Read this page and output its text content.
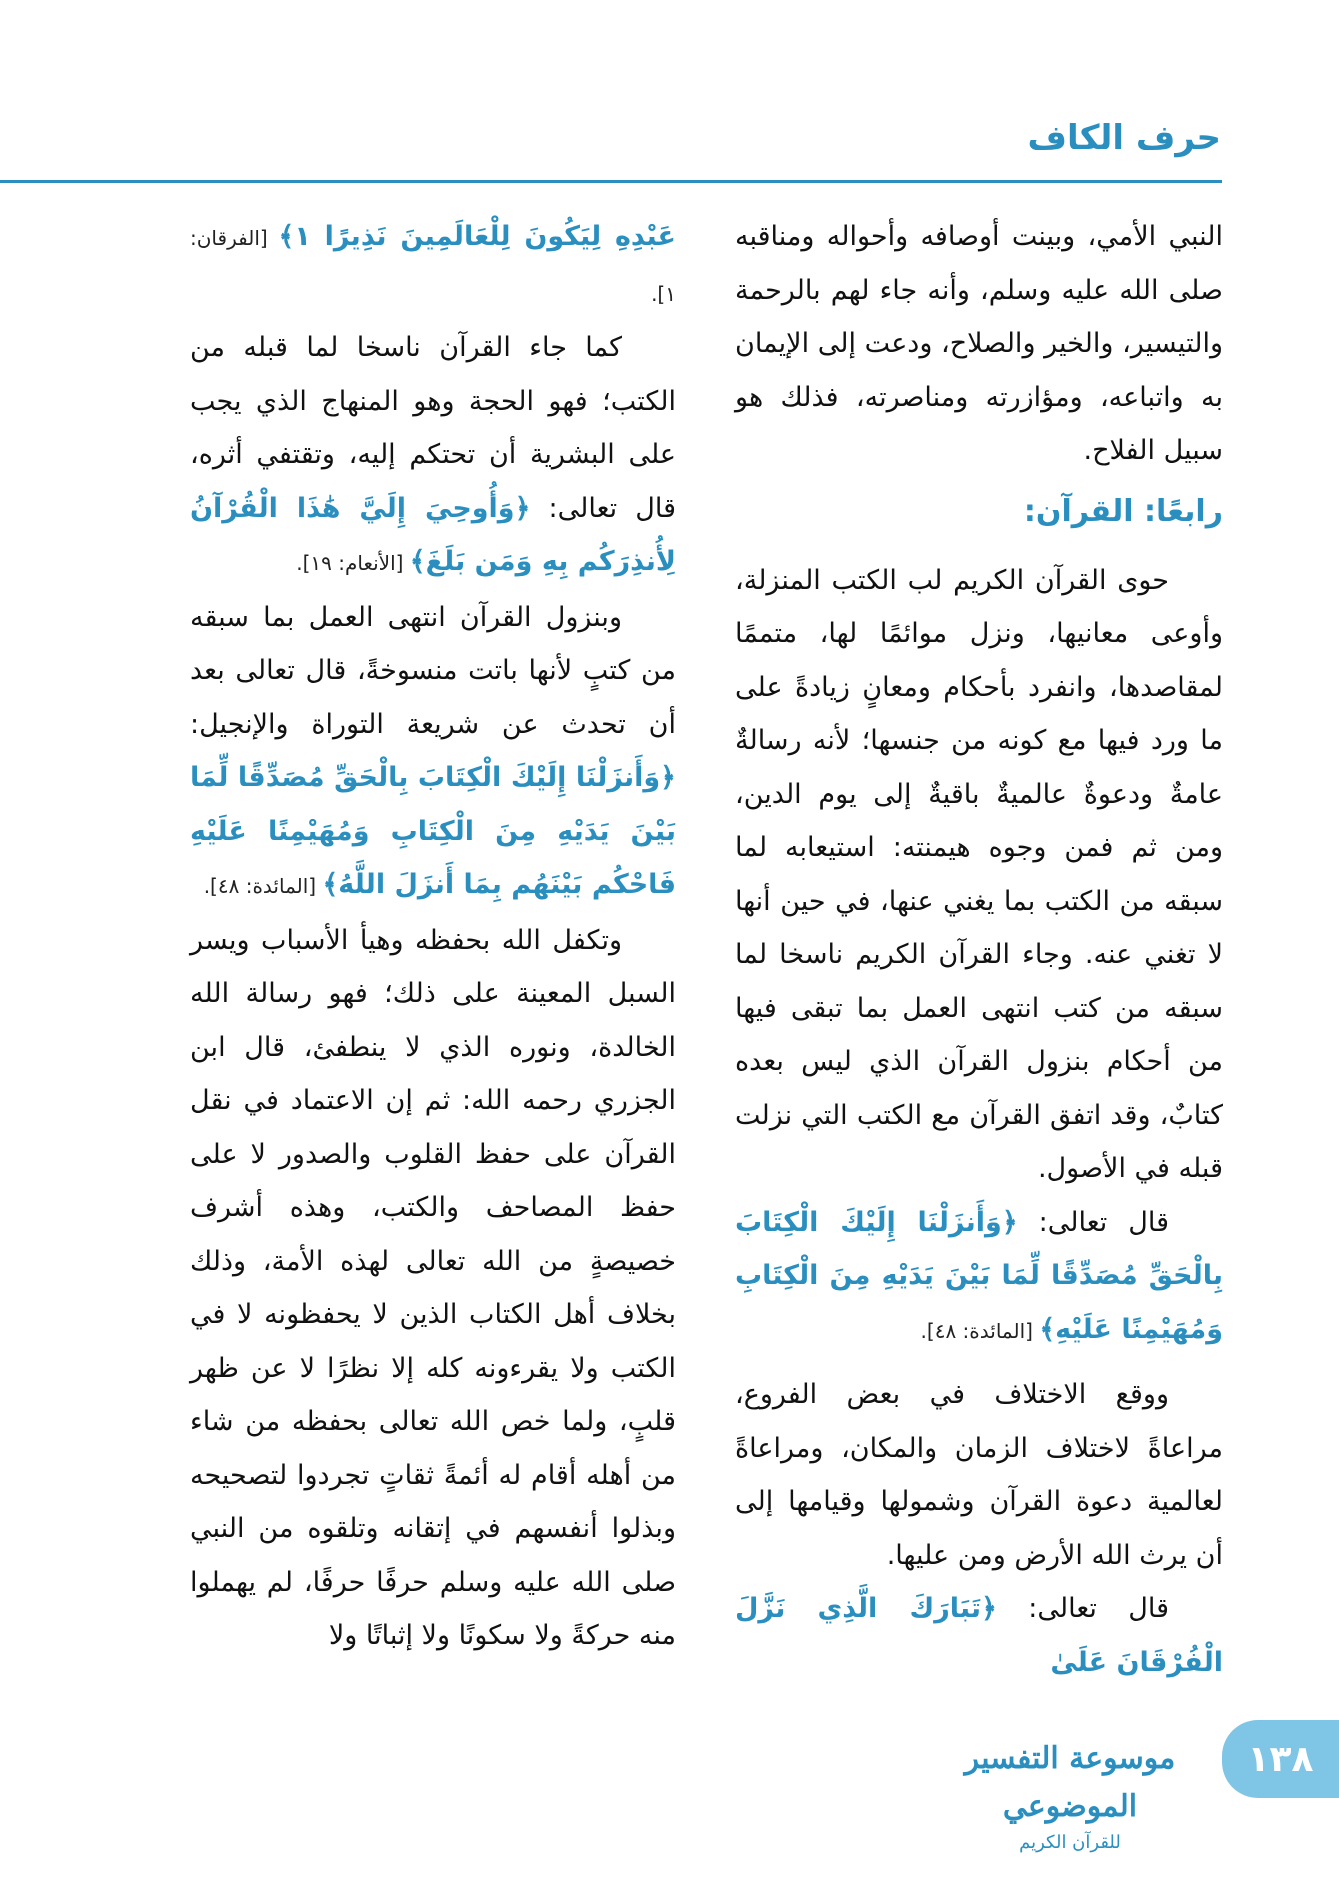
حرف الكاف

النبي الأمي، وبينت أوصافه وأحواله ومناقبه صلى الله عليه وسلم، وأنه جاء لهم بالرحمة والتيسير، والخير والصلاح، ودعت إلى الإيمان به واتباعه، ومؤازرته ومناصرته، فذلك هو سبيل الفلاح.

رابعًا: القرآن:

حوى القرآن الكريم لب الكتب المنزلة، وأوعى معانيها، ونزل موائمًا لها، متممًا لمقاصدها، وانفرد بأحكام ومعانٍ زيادةً على ما ورد فيها مع كونه من جنسها؛ لأنه رسالةٌ عامةٌ ودعوةٌ عالميةٌ باقيةٌ إلى يوم الدين، ومن ثم فمن وجوه هيمنته: استيعابه لما سبقه من الكتب بما يغني عنها، في حين أنها لا تغني عنه. وجاء القرآن الكريم ناسخا لما سبقه من كتب انتهى العمل بما تبقى فيها من أحكام بنزول القرآن الذي ليس بعده كتابٌ، وقد اتفق القرآن مع الكتب التي نزلت قبله في الأصول.

قال تعالى: ﴿وَأَنزَلْنَا إِلَيْكَ الْكِتَابَ بِالْحَقِّ مُصَدِّقًا لِّمَا بَيْنَ يَدَيْهِ مِنَ الْكِتَابِ وَمُهَيْمِنًا عَلَيْهِ﴾ [المائدة: ٤٨].

ووقع الاختلاف في بعض الفروع، مراعاةً لاختلاف الزمان والمكان، ومراعاةً لعالمية دعوة القرآن وشمولها وقيامها إلى أن يرث الله الأرض ومن عليها.

قال تعالى: ﴿تَبَارَكَ الَّذِي نَزَّلَ الْفُرْقَانَ عَلَىٰ

عَبْدِهِ لِيَكُونَ لِلْعَالَمِينَ نَذِيرًا ١﴾ [الفرقان: ١].

كما جاء القرآن ناسخا لما قبله من الكتب؛ فهو الحجة وهو المنهاج الذي يجب على البشرية أن تحتكم إليه، وتقتفي أثره، قال تعالى: ﴿وَأُوحِيَ إِلَيَّ هَٰذَا الْقُرْآنُ لِأُنذِرَكُم بِهِ وَمَن بَلَغَ﴾ [الأنعام: ١٩].

وبنزول القرآن انتهى العمل بما سبقه من كتبٍ لأنها باتت منسوخةً، قال تعالى بعد أن تحدث عن شريعة التوراة والإنجيل: ﴿وَأَنزَلْنَا إِلَيْكَ الْكِتَابَ بِالْحَقِّ مُصَدِّقًا لِّمَا بَيْنَ يَدَيْهِ مِنَ الْكِتَابِ وَمُهَيْمِنًا عَلَيْهِ فَاحْكُم بَيْنَهُم بِمَا أَنزَلَ اللَّهُ﴾ [المائدة: ٤٨].

وتكفل الله بحفظه وهيأ الأسباب ويسر السبل المعينة على ذلك؛ فهو رسالة الله الخالدة، ونوره الذي لا ينطفئ، قال ابن الجزري رحمه الله: ثم إن الاعتماد في نقل القرآن على حفظ القلوب والصدور لا على حفظ المصاحف والكتب، وهذه أشرف خصيصةٍ من الله تعالى لهذه الأمة، وذلك بخلاف أهل الكتاب الذين لا يحفظونه لا في الكتب ولا يقرءونه كله إلا نظرًا لا عن ظهر قلبٍ، ولما خص الله تعالى بحفظه من شاء من أهله أقام له أئمةً ثقاتٍ تجردوا لتصحيحه وبذلوا أنفسهم في إتقانه وتلقوه من النبي صلى الله عليه وسلم حرفًا حرفًا، لم يهملوا منه حركةً ولا سكونًا ولا إثباتًا ولا

موسوعة التفسير الموضوعي
للقرآن الكريم
١٣٨
